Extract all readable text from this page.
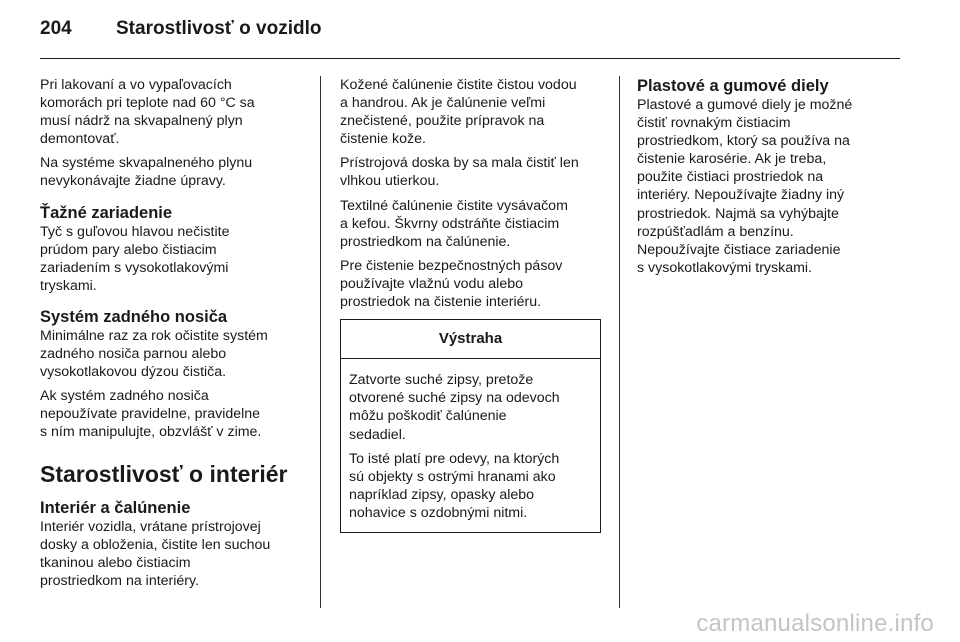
204	Starostlivosť o vozidlo

Pri lakovaní a vo vypaľovacích
komorách pri teplote nad 60 °C sa
musí nádrž na skvapalnený plyn
demontovať.

Na systéme skvapalneného plynu
nevykonávajte žiadne úpravy.

Ťažné zariadenie

Tyč s guľovou hlavou nečistite
prúdom pary alebo čistiacim
zariadením s vysokotlakovými
tryskami.

Systém zadného nosiča

Minimálne raz za rok očistite systém
zadného nosiča parnou alebo
vysokotlakovou dýzou čističa.

Ak systém zadného nosiča
nepoužívate pravidelne, pravidelne
s ním manipulujte, obzvlášť v zime.

Starostlivosť o interiér
Interiér a čalúnenie

Interiér vozidla, vrátane prístrojovej
dosky a obloženia, čistite len suchou
tkaninou alebo čistiacim
prostriedkom na interiéry.

Kožené čalúnenie čistite čistou vodou
a handrou. Ak je čalúnenie veľmi
znečistené, použite prípravok na
čistenie kože.

Prístrojová doska by sa mala čistiť len
vlhkou utierkou.

Textilné čalúnenie čistite vysávačom
a kefou. Škvrny odstráňte čistiacim
prostriedkom na čalúnenie.

Pre čistenie bezpečnostných pásov
používajte vlažnú vodu alebo
prostriedok na čistenie interiéru.

Výstraha

Zatvorte suché zipsy, pretože
otvorené suché zipsy na odevoch
môžu poškodiť čalúnenie
sedadiel.

To isté platí pre odevy, na ktorých
sú objekty s ostrými hranami ako
napríklad zipsy, opasky alebo
nohavice s ozdobnými nitmi.

Plastové a gumové diely

Plastové a gumové diely je možné
čistiť rovnakým čistiacim
prostriedkom, ktorý sa používa na
čistenie karosérie. Ak je treba,
použite čistiaci prostriedok na
interiéry. Nepoužívajte žiadny iný
prostriedok. Najmä sa vyhýbajte
rozpúšťadlám a benzínu.
Nepoužívajte čistiace zariadenie
s vysokotlakovými tryskami.

carmanualsonline.info
